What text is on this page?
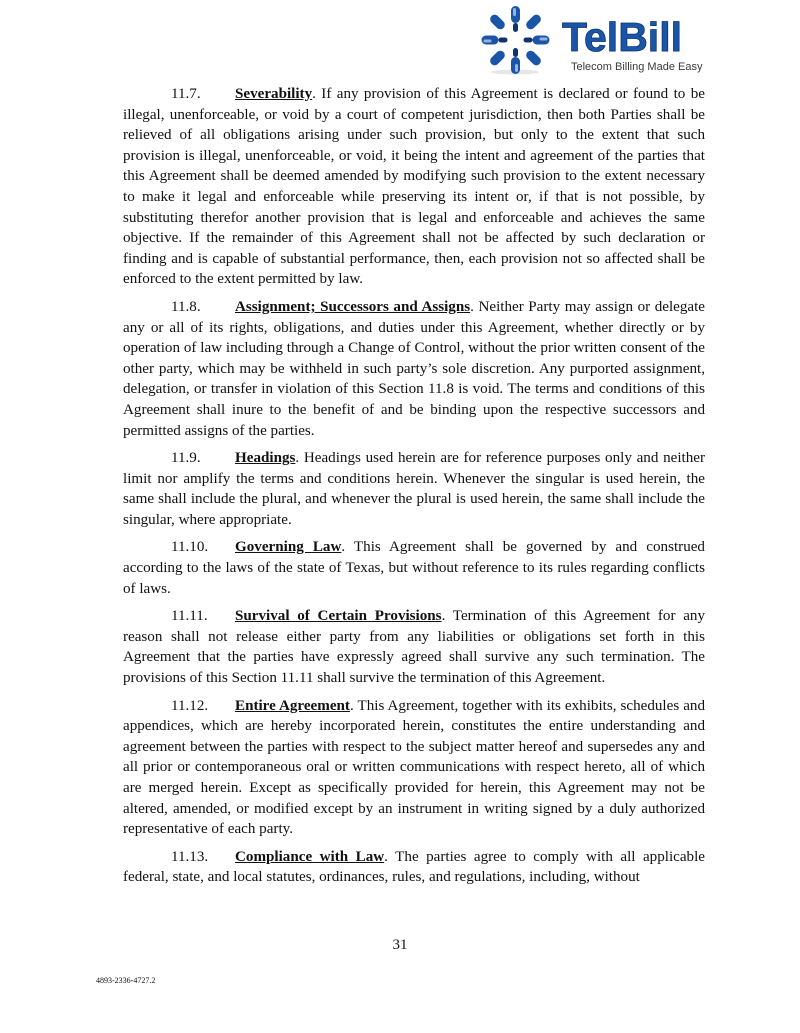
TelBill
Telecom Billing Made Easy

11.7. Severability. If any provision of this Agreement is declared or found to be illegal, unenforceable, or void by a court of competent jurisdiction, then both Parties shall be relieved of all obligations arising under such provision, but only to the extent that such provision is illegal, unenforceable, or void, it being the intent and agreement of the parties that this Agreement shall be deemed amended by modifying such provision to the extent necessary to make it legal and enforceable while preserving its intent or, if that is not possible, by substituting therefor another provision that is legal and enforceable and achieves the same objective. If the remainder of this Agreement shall not be affected by such declaration or finding and is capable of substantial performance, then, each provision not so affected shall be enforced to the extent permitted by law.

11.8. Assignment; Successors and Assigns. Neither Party may assign or delegate any or all of its rights, obligations, and duties under this Agreement, whether directly or by operation of law including through a Change of Control, without the prior written consent of the other party, which may be withheld in such party’s sole discretion. Any purported assignment, delegation, or transfer in violation of this Section 11.8 is void. The terms and conditions of this Agreement shall inure to the benefit of and be binding upon the respective successors and permitted assigns of the parties.

11.9. Headings. Headings used herein are for reference purposes only and neither limit nor amplify the terms and conditions herein. Whenever the singular is used herein, the same shall include the plural, and whenever the plural is used herein, the same shall include the singular, where appropriate.

11.10. Governing Law. This Agreement shall be governed by and construed according to the laws of the state of Texas, but without reference to its rules regarding conflicts of laws.

11.11. Survival of Certain Provisions. Termination of this Agreement for any reason shall not release either party from any liabilities or obligations set forth in this Agreement that the parties have expressly agreed shall survive any such termination. The provisions of this Section 11.11 shall survive the termination of this Agreement.

11.12. Entire Agreement. This Agreement, together with its exhibits, schedules and appendices, which are hereby incorporated herein, constitutes the entire understanding and agreement between the parties with respect to the subject matter hereof and supersedes any and all prior or contemporaneous oral or written communications with respect hereto, all of which are merged herein. Except as specifically provided for herein, this Agreement may not be altered, amended, or modified except by an instrument in writing signed by a duly authorized representative of each party.

11.13. Compliance with Law. The parties agree to comply with all applicable federal, state, and local statutes, ordinances, rules, and regulations, including, without

31
4893-2336-4727.2
